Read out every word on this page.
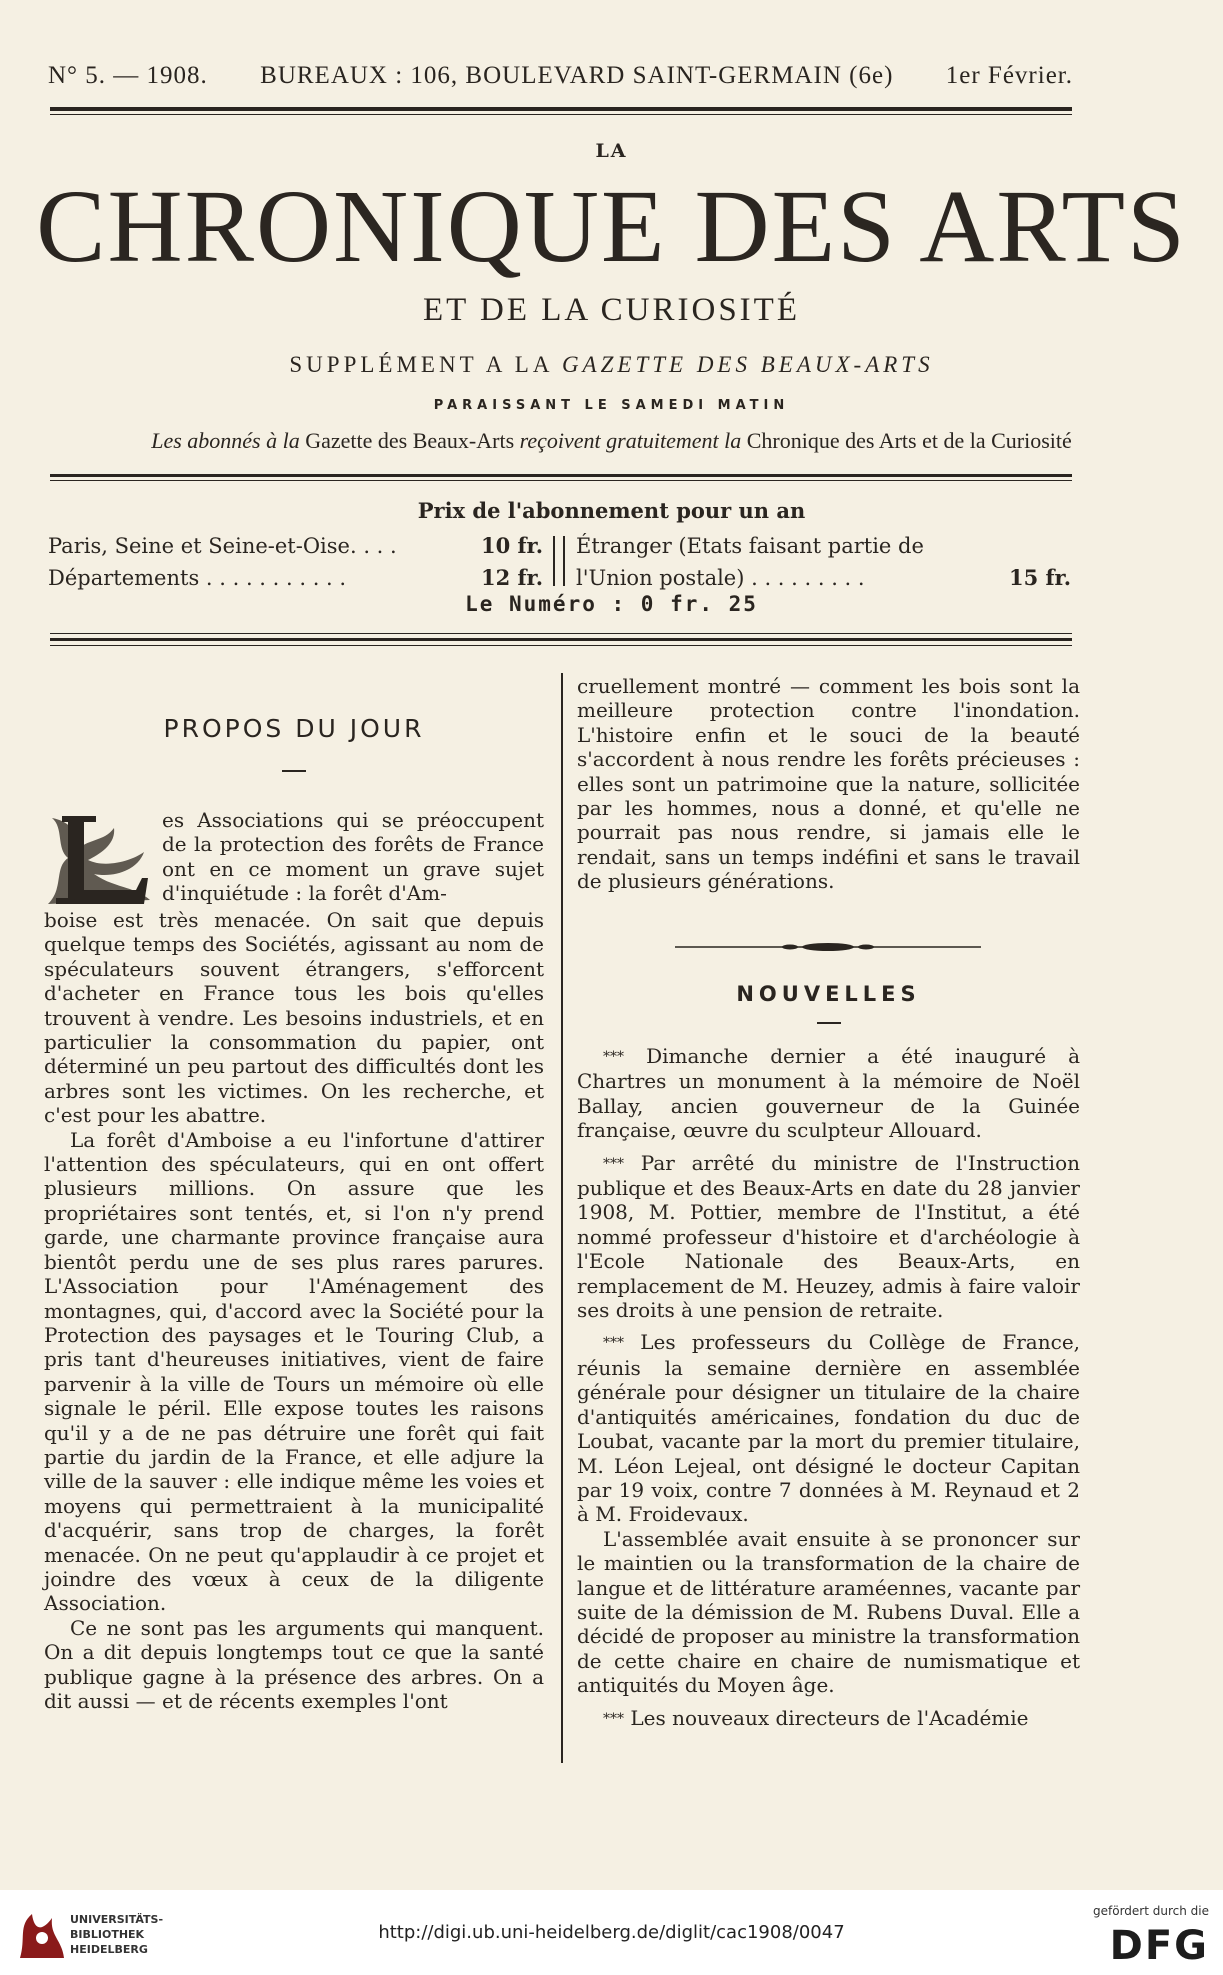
N° 5. — 1908. BUREAUX : 106, BOULEVARD SAINT-GERMAIN (6e) 1er Février.
LA
CHRONIQUE DES ARTS
ET DE LA CURIOSITÉ
SUPPLÉMENT A LA GAZETTE DES BEAUX-ARTS
PARAISSANT LE SAMEDI MATIN
Les abonnés à la Gazette des Beaux-Arts reçoivent gratuitement la Chronique des Arts et de la Curiosité
Prix de l'abonnement pour un an
Paris, Seine et Seine-et-Oise. . . .	10 fr.
Départements . . . . . . . . . . .	12 fr.
Étranger (Etats faisant partie de
l'Union postale) . . . . . . . . .	15 fr.
Le Numéro : 0 fr. 25
PROPOS DU JOUR
L

es Associations qui se préoccupent de la protection des forêts de France ont en ce moment un grave sujet d'inquiétude : la forêt d'Am-

boise est très menacée. On sait que depuis quelque temps des Sociétés, agissant au nom de spéculateurs souvent étrangers, s'efforcent d'acheter en France tous les bois qu'elles trouvent à vendre. Les besoins industriels, et en particulier la consommation du papier, ont déterminé un peu partout des difficultés dont les arbres sont les victimes. On les recherche, et c'est pour les abattre.

La forêt d'Amboise a eu l'infortune d'attirer l'attention des spéculateurs, qui en ont offert plusieurs millions. On assure que les propriétaires sont tentés, et, si l'on n'y prend garde, une charmante province française aura bientôt perdu une de ses plus rares parures. L'Association pour l'Aménagement des montagnes, qui, d'accord avec la Société pour la Protection des paysages et le Touring Club, a pris tant d'heureuses initiatives, vient de faire parvenir à la ville de Tours un mémoire où elle signale le péril. Elle expose toutes les raisons qu'il y a de ne pas détruire une forêt qui fait partie du jardin de la France, et elle adjure la ville de la sauver : elle indique même les voies et moyens qui permettraient à la municipalité d'acquérir, sans trop de charges, la forêt menacée. On ne peut qu'applaudir à ce projet et joindre des vœux à ceux de la diligente Association.

Ce ne sont pas les arguments qui manquent. On a dit depuis longtemps tout ce que la santé publique gagne à la présence des arbres. On a dit aussi — et de récents exemples l'ont

cruellement montré — comment les bois sont la meilleure protection contre l'inondation. L'histoire enfin et le souci de la beauté s'accordent à nous rendre les forêts précieuses : elles sont un patrimoine que la nature, sollicitée par les hommes, nous a donné, et qu'elle ne pourrait pas nous rendre, si jamais elle le rendait, sans un temps indéfini et sans le travail de plusieurs générations.

NOUVELLES

*** Dimanche dernier a été inauguré à Chartres un monument à la mémoire de Noël Ballay, ancien gouverneur de la Guinée française, œuvre du sculpteur Allouard.

*** Par arrêté du ministre de l'Instruction publique et des Beaux-Arts en date du 28 janvier 1908, M. Pottier, membre de l'Institut, a été nommé professeur d'histoire et d'archéologie à l'Ecole Nationale des Beaux-Arts, en remplacement de M. Heuzey, admis à faire valoir ses droits à une pension de retraite.

*** Les professeurs du Collège de France, réunis la semaine dernière en assemblée générale pour désigner un titulaire de la chaire d'antiquités américaines, fondation du duc de Loubat, vacante par la mort du premier titulaire, M. Léon Lejeal, ont désigné le docteur Capitan par 19 voix, contre 7 données à M. Reynaud et 2 à M. Froidevaux.

L'assemblée avait ensuite à se prononcer sur le maintien ou la transformation de la chaire de langue et de littérature araméennes, vacante par suite de la démission de M. Rubens Duval. Elle a décidé de proposer au ministre la transformation de cette chaire en chaire de numismatique et antiquités du Moyen âge.

*** Les nouveaux directeurs de l'Académie

UNIVERSITÄTS-
BIBLIOTHEK
HEIDELBERG
http://digi.ub.uni-heidelberg.de/diglit/cac1908/0047
gefördert durch die
DFG
